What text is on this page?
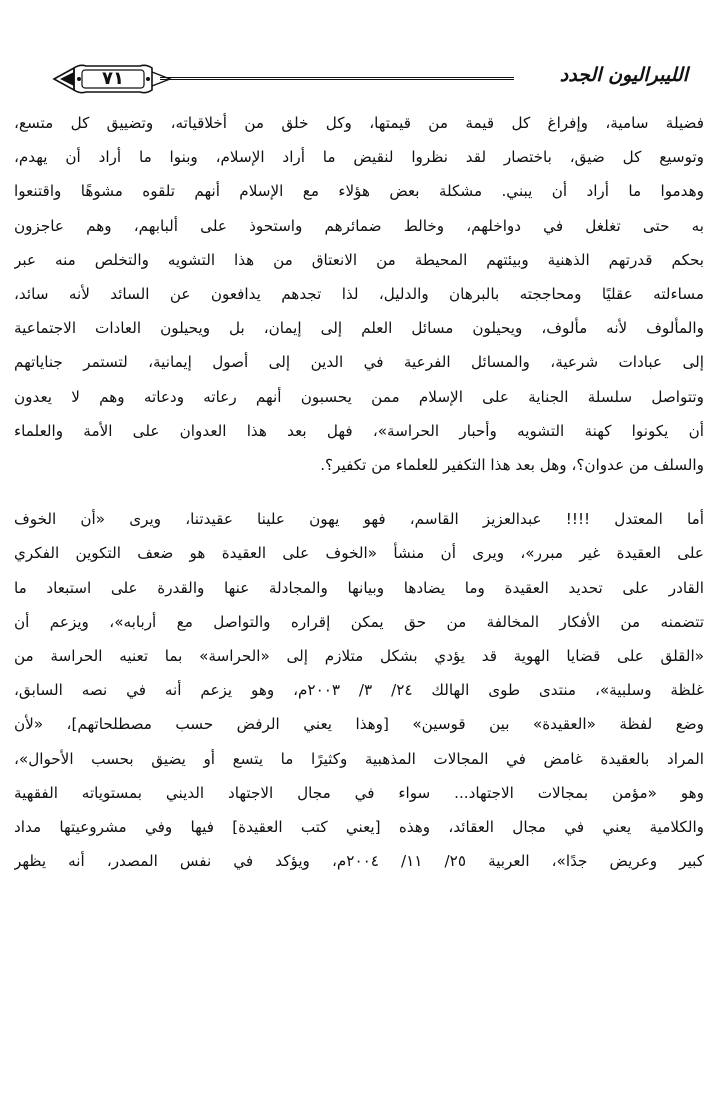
الليبراليون الجدد
٧١
فضيلة سامية، وإفراغ كل قيمة من قيمتها، وكل خلق من أخلاقياته، وتضييق كل متسع،
وتوسيع كل ضيق، باختصار لقد نظروا لنقيض ما أراد الإسلام، وبنوا ما أراد أن يهدم،
وهدموا ما أراد أن يبني. مشكلة بعض هؤلاء مع الإسلام أنهم تلقوه مشوهًا واقتنعوا
به حتى تغلغل في دواخلهم، وخالط ضمائرهم واستحوذ على ألبابهم، وهم عاجزون
بحكم قدرتهم الذهنية وبيئتهم المحيطة من الانعتاق من هذا التشويه والتخلص منه عبر
مساءلته عقليًا ومحاججته بالبرهان والدليل، لذا تجدهم يدافعون عن السائد لأنه سائد،
والمألوف لأنه مألوف، ويحيلون مسائل العلم إلى إيمان، بل ويحيلون العادات الاجتماعية
إلى عبادات شرعية، والمسائل الفرعية في الدين إلى أصول إيمانية، لتستمر جناياتهم
وتتواصل سلسلة الجناية على الإسلام ممن يحسبون أنهم رعاته ودعاته وهم لا يعدون
أن يكونوا كهنة التشويه وأحبار الحراسة»، فهل بعد هذا العدوان على الأمة والعلماء
والسلف من عدوان؟، وهل بعد هذا التكفير للعلماء من تكفير؟.
أما المعتدل !!!! عبدالعزيز القاسم، فهو يهون علينا عقيدتنا، ويرى «أن الخوف
على العقيدة غير مبرر»، ويرى أن منشأ «الخوف على العقيدة هو ضعف التكوين الفكري
القادر على تحديد العقيدة وما يضادها وبيانها والمجادلة عنها والقدرة على استبعاد ما
تتضمنه من الأفكار المخالفة من حق يمكن إقراره والتواصل مع أربابه»، ويزعم أن
«القلق على قضايا الهوية قد يؤدي بشكل متلازم إلى «الحراسة» بما تعنيه الحراسة من
غلظة وسلبية»، منتدى طوى الهالك ٢٤/ ٣/ ٢٠٠٣م، وهو يزعم أنه في نصه السابق،
وضع لفظة «العقيدة» بين قوسين» [وهذا يعني الرفض حسب مصطلحاتهم]، «لأن
المراد بالعقيدة غامض في المجالات المذهبية وكثيرًا ما يتسع أو يضيق بحسب الأحوال»،
وهو «مؤمن بمجالات الاجتهاد... سواء في مجال الاجتهاد الديني بمستوياته الفقهية
والكلامية يعني في مجال العقائد، وهذه [يعني كتب العقيدة] فيها وفي مشروعيتها مداد
كبير وعريض جدًا»، العربية ٢٥/ ١١/ ٢٠٠٤م، ويؤكد في نفس المصدر، أنه يظهر
